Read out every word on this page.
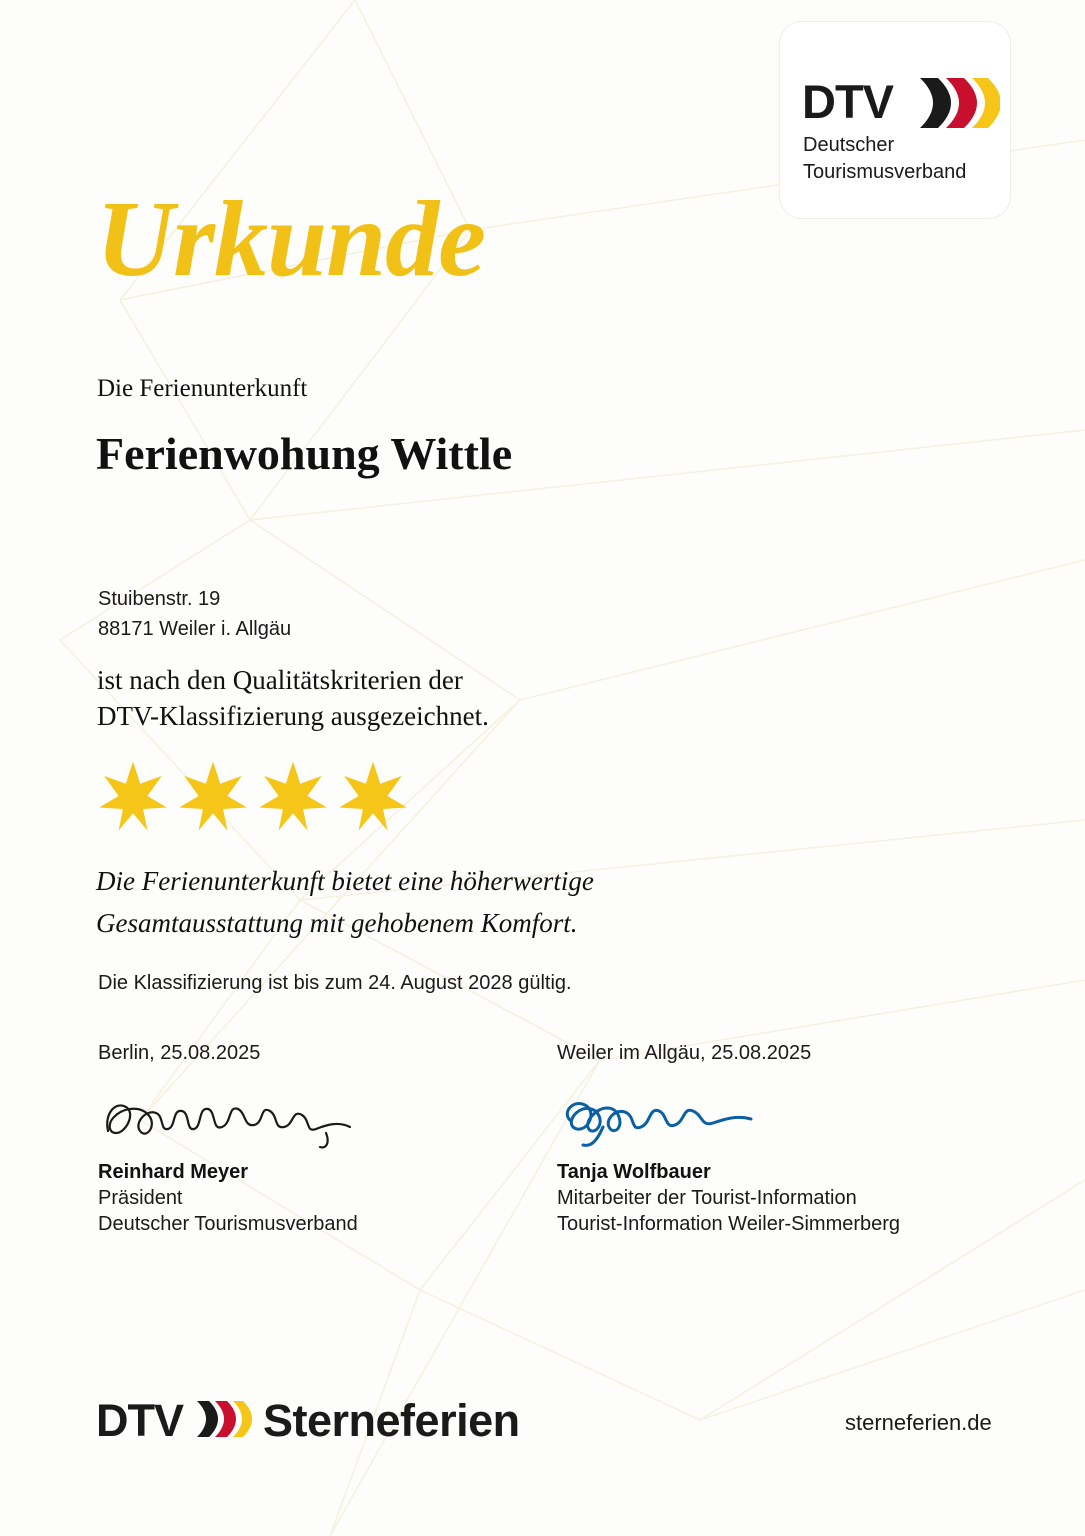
DTV
Deutscher
Tourismusverband
Urkunde
Die Ferienunterkunft
Ferienwohung Wittle
Stuibenstr. 19
88171 Weiler i. Allgäu
ist nach den Qualitätskriterien der
DTV-Klassifizierung ausgezeichnet.
Die Ferienunterkunft bietet eine höherwertige
Gesamtausstattung mit gehobenem Komfort.
Die Klassifizierung ist bis zum 24. August 2028 gültig.
Berlin, 25.08.2025
Reinhard Meyer
Präsident
Deutscher Tourismusverband
Weiler im Allgäu, 25.08.2025
Tanja Wolfbauer
Mitarbeiter der Tourist-Information
Tourist-Information Weiler-Simmerberg
DTV Sterneferien	sterneferien.de
